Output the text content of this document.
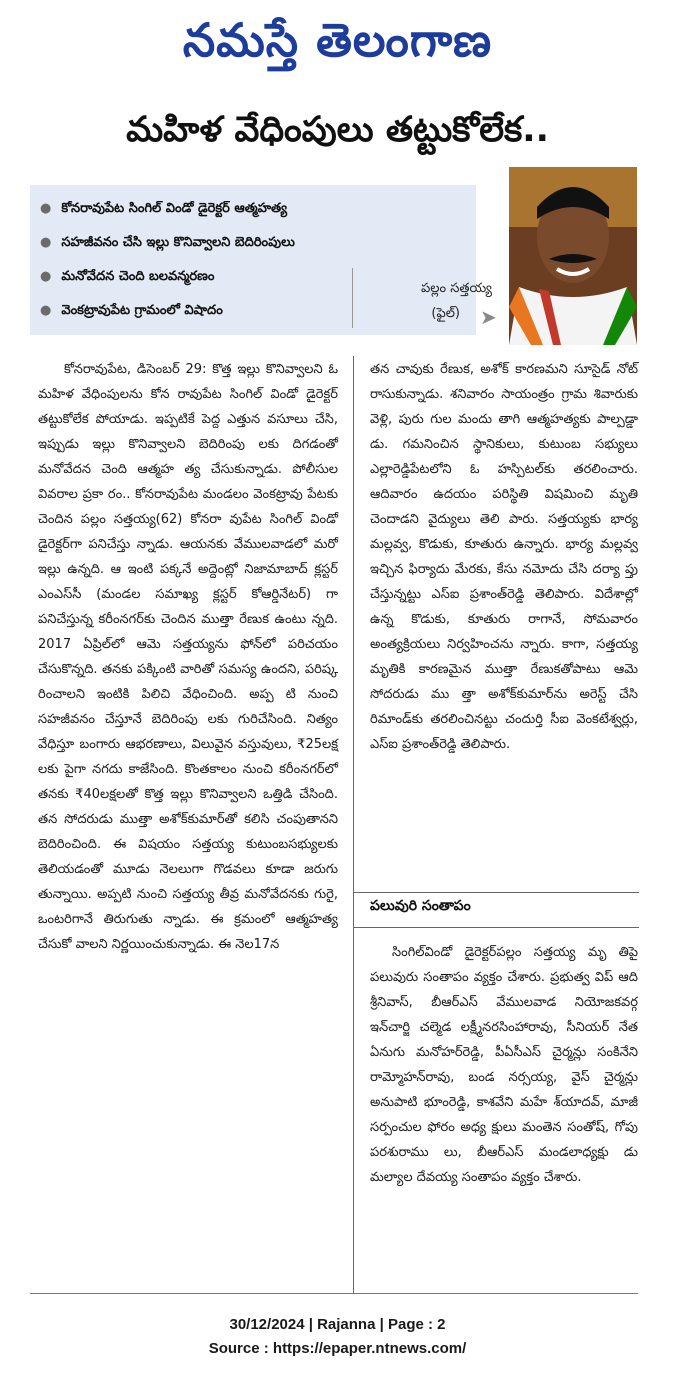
నమస్తే తెలంగాణ
మహిళ వేధింపులు తట్టుకోలేక..
● కోనరావుపేట సింగిల్ విండో డైరెక్టర్ ఆత్మహత్య
● సహజీవనం చేసి ఇల్లు కొనివ్వాలని బెదిరింపులు
● మనోవేదన చెంది బలవన్మరణం
● వెంకట్రావుపేట గ్రామంలో విషాదం
పల్లం సత్తయ్య
(ఫైల్) ➤

కోనరావుపేట, డిసెంబర్ 29: కొత్త ఇల్లు కొనివ్వాలని ఓ మహిళ వేధింపులను కోన రావుపేట సింగిల్ విండో డైరెక్టర్ తట్టుకోలేక పోయాడు. ఇప్పటికే పెద్ద ఎత్తున వసూలు చేసి, ఇప్పుడు ఇల్లు కొనివ్వాలని బెదిరింపు లకు దిగడంతో మనోవేదన చెంది ఆత్మహ త్య చేసుకున్నాడు. పోలీసుల వివరాల ప్రకా రం.. కోనరావుపేట మండలం వెంకట్రావు పేటకు చెందిన పల్లం సత్తయ్య(62) కోనరా వుపేట సింగిల్ విండో డైరెక్టర్‌గా పనిచేస్తు న్నాడు. ఆయనకు వేములవాడలో మరో ఇల్లు ఉన్నది. ఆ ఇంటి పక్కనే అద్దెంట్లో నిజామాబాద్ క్లస్టర్ ఎంఎస్‌సీ (మండల సమాఖ్య క్లస్టర్ కోఆర్డినేటర్) గా పనిచేస్తున్న కరీంనగర్‌కు చెందిన ముత్తా రేణుక ఉంటు న్నది. 2017 ఏప్రిల్‌లో ఆమె సత్తయ్యను ఫోన్‌లో పరిచయం చేసుకొన్నది. తనకు పక్కింటి వారితో సమస్య ఉందని, పరిష్క రించాలని ఇంటికి పిలిచి వేధించింది. అప్ప టి నుంచి సహజీవనం చేస్తూనే బెదిరింపు లకు గురిచేసింది. నిత్యం వేధిస్తూ బంగారు ఆభరణాలు, విలువైన వస్తువులు, ₹25లక్ష లకు పైగా నగదు కాజేసింది. కొంతకాలం నుంచి కరీంనగర్‌లో తనకు ₹40లక్షలతో కొత్త ఇల్లు కొనివ్వాలని ఒత్తిడి చేసింది. తన సోదరుడు ముత్తా అశోక్‌కుమార్‌తో కలిసి చంపుతానని బెదిరించింది. ఈ విషయం సత్తయ్య కుటుంబసభ్యులకు తెలియడంతో మూడు నెలలుగా గొడవలు కూడా జరుగు తున్నాయి. అప్పటి నుంచి సత్తయ్య తీవ్ర మనోవేదనకు గురై, ఒంటరిగానే తిరుగుతు న్నాడు. ఈ క్రమంలో ఆత్మహత్య చేసుకో వాలని నిర్ణయించుకున్నాడు. ఈ నెల17న

తన చావుకు రేణుక, అశోక్ కారణమని సూసైడ్ నోట్ రాసుకున్నాడు. శనివారం సాయంత్రం గ్రామ శివారుకు వెళ్లి, పురు గుల మందు తాగి ఆత్మహత్యకు పాల్పడ్డా డు. గమనించిన స్థానికులు, కుటుంబ సభ్యులు ఎల్లారెడ్డిపేటలోని ఓ హస్పిటల్‌కు తరలించారు. ఆదివారం ఉదయం పరిస్థితి విషమించి మృతి చెందాడని వైద్యులు తెలి పారు. సత్తయ్యకు భార్య మల్లవ్వ, కొడుకు, కూతురు ఉన్నారు. భార్య మల్లవ్వ ఇచ్చిన ఫిర్యాదు మేరకు, కేసు నమోదు చేసి దర్యా ప్తు చేస్తున్నట్టు ఎస్ఐ ప్రశాంత్‌రెడ్డి తెలిపారు. విదేశాల్లో ఉన్న కొడుకు, కూతురు రాగానే, సోమవారం అంత్యక్రియలు నిర్వహించను న్నారు. కాగా, సత్తయ్య మృతికి కారణమైన ముత్తా రేణుకతోపాటు ఆమె సోదరుడు ము త్తా అశోక్‌కుమార్‌ను అరెస్ట్ చేసి రిమాండ్‌కు తరలించినట్టు చందుర్తి సీఐ వెంకటేశ్వర్లు, ఎస్ఐ ప్రశాంత్‌రెడ్డి తెలిపారు.

పలువురి సంతాపం

సింగిల్‌విండో డైరెక్టర్‌పల్లం సత్తయ్య మృ తిపై పలువురు సంతాపం వ్యక్తం చేశారు. ప్రభుత్వ విప్ ఆది శ్రీనివాస్, బీఆర్ఎస్ వేములవాడ నియోజకవర్గ ఇన్‌చార్జి చల్మెడ లక్ష్మీనరసింహారావు, సీనియర్ నేత ఏనుగు మనోహర్‌రెడ్డి, పీఏసీఎస్ చైర్మన్లు సంకినేని రామ్మోహన్‌రావు, బండ నర్సయ్య, వైస్ చైర్మన్లు అనుపాటి భూంరెడ్డి, కాశవేని మహే శ్‌యాదవ్, మాజీ సర్పంచుల ఫోరం అధ్య క్షులు మంతెన సంతోష్, గోపు పరశురాము లు, బీఆర్ఎస్ మండలాధ్యక్షు డు మల్యాల దేవయ్య సంతాపం వ్యక్తం చేశారు.

30/12/2024 | Rajanna | Page : 2
Source : https://epaper.ntnews.com/
